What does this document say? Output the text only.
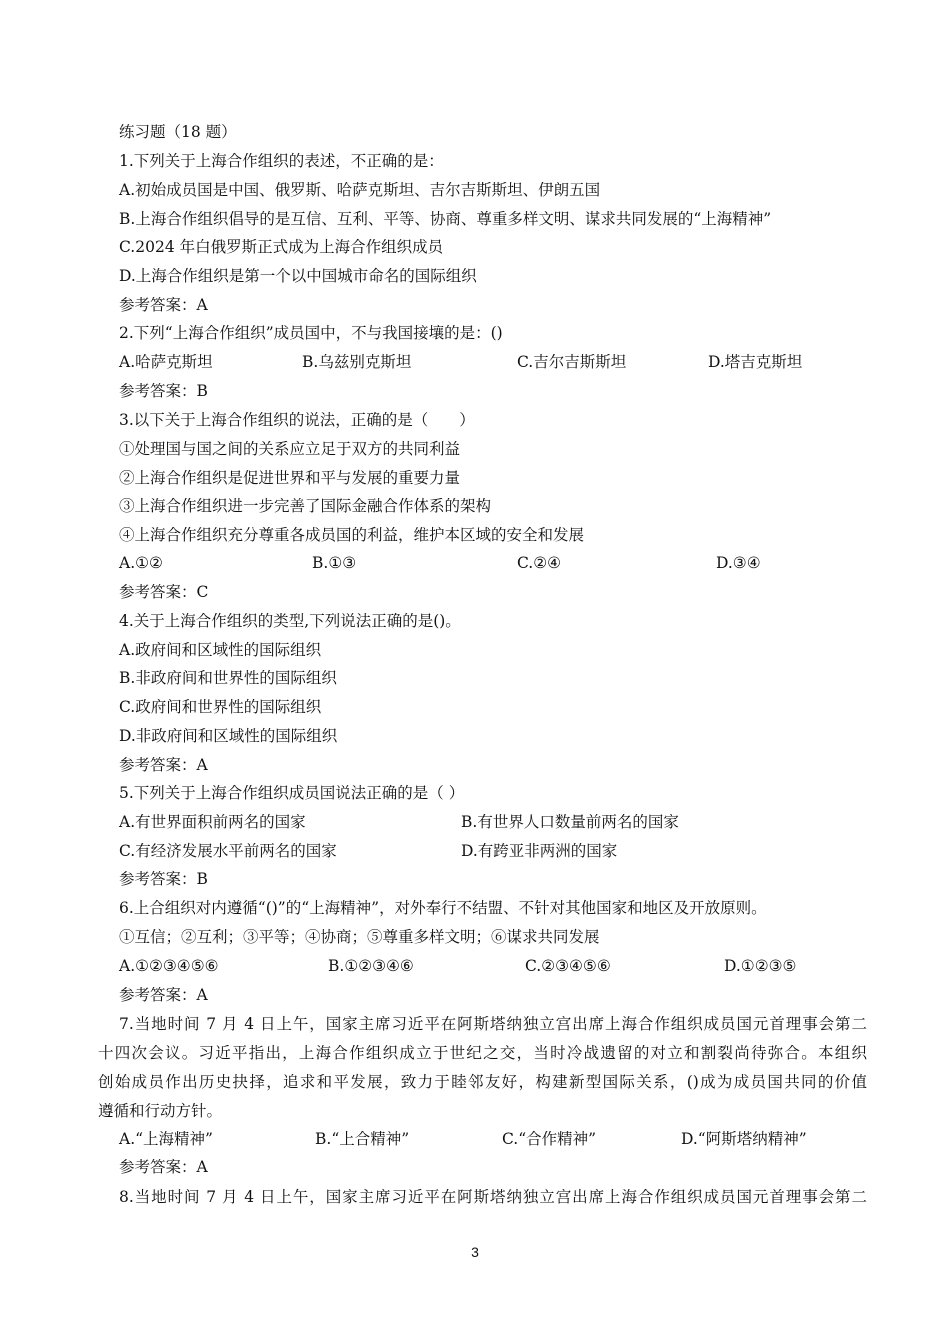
练习题（18 题）
1.下列关于上海合作组织的表述，不正确的是：
A.初始成员国是中国、俄罗斯、哈萨克斯坦、吉尔吉斯斯坦、伊朗五国
B.上海合作组织倡导的是互信、互利、平等、协商、尊重多样文明、谋求共同发展的“上海精神”
C.2024 年白俄罗斯正式成为上海合作组织成员
D.上海合作组织是第一个以中国城市命名的国际组织
参考答案：A
2.下列“上海合作组织”成员国中，不与我国接壤的是：()
A.哈萨克斯坦	B.乌兹别克斯坦	C.吉尔吉斯斯坦	D.塔吉克斯坦
参考答案：B
3.以下关于上海合作组织的说法，正确的是（　　）
①处理国与国之间的关系应立足于双方的共同利益
②上海合作组织是促进世界和平与发展的重要力量
③上海合作组织进一步完善了国际金融合作体系的架构
④上海合作组织充分尊重各成员国的利益，维护本区域的安全和发展
A.①②	B.①③	C.②④	D.③④
参考答案：C
4.关于上海合作组织的类型,下列说法正确的是()。
A.政府间和区域性的国际组织
B.非政府间和世界性的国际组织
C.政府间和世界性的国际组织
D.非政府间和区域性的国际组织
参考答案：A
5.下列关于上海合作组织成员国说法正确的是（ ）
A.有世界面积前两名的国家	B.有世界人口数量前两名的国家
C.有经济发展水平前两名的国家	D.有跨亚非两洲的国家
参考答案：B
6.上合组织对内遵循“()”的“上海精神”，对外奉行不结盟、不针对其他国家和地区及开放原则。
①互信；②互利；③平等；④协商；⑤尊重多样文明；⑥谋求共同发展
A.①②③④⑤⑥	B.①②③④⑥	C.②③④⑤⑥	D.①②③⑤
参考答案：A

7.当地时间 7 月 4 日上午，国家主席习近平在阿斯塔纳独立宫出席上海合作组织成员国元首理事会第二

十四次会议。习近平指出，上海合作组织成立于世纪之交，当时冷战遗留的对立和割裂尚待弥合。本组织

创始成员作出历史抉择，追求和平发展，致力于睦邻友好，构建新型国际关系，()成为成员国共同的价值

遵循和行动方针。

A.“上海精神”	B.“上合精神”	C.“合作精神”	D.“阿斯塔纳精神”
参考答案：A

8.当地时间 7 月 4 日上午，国家主席习近平在阿斯塔纳独立宫出席上海合作组织成员国元首理事会第二

3
